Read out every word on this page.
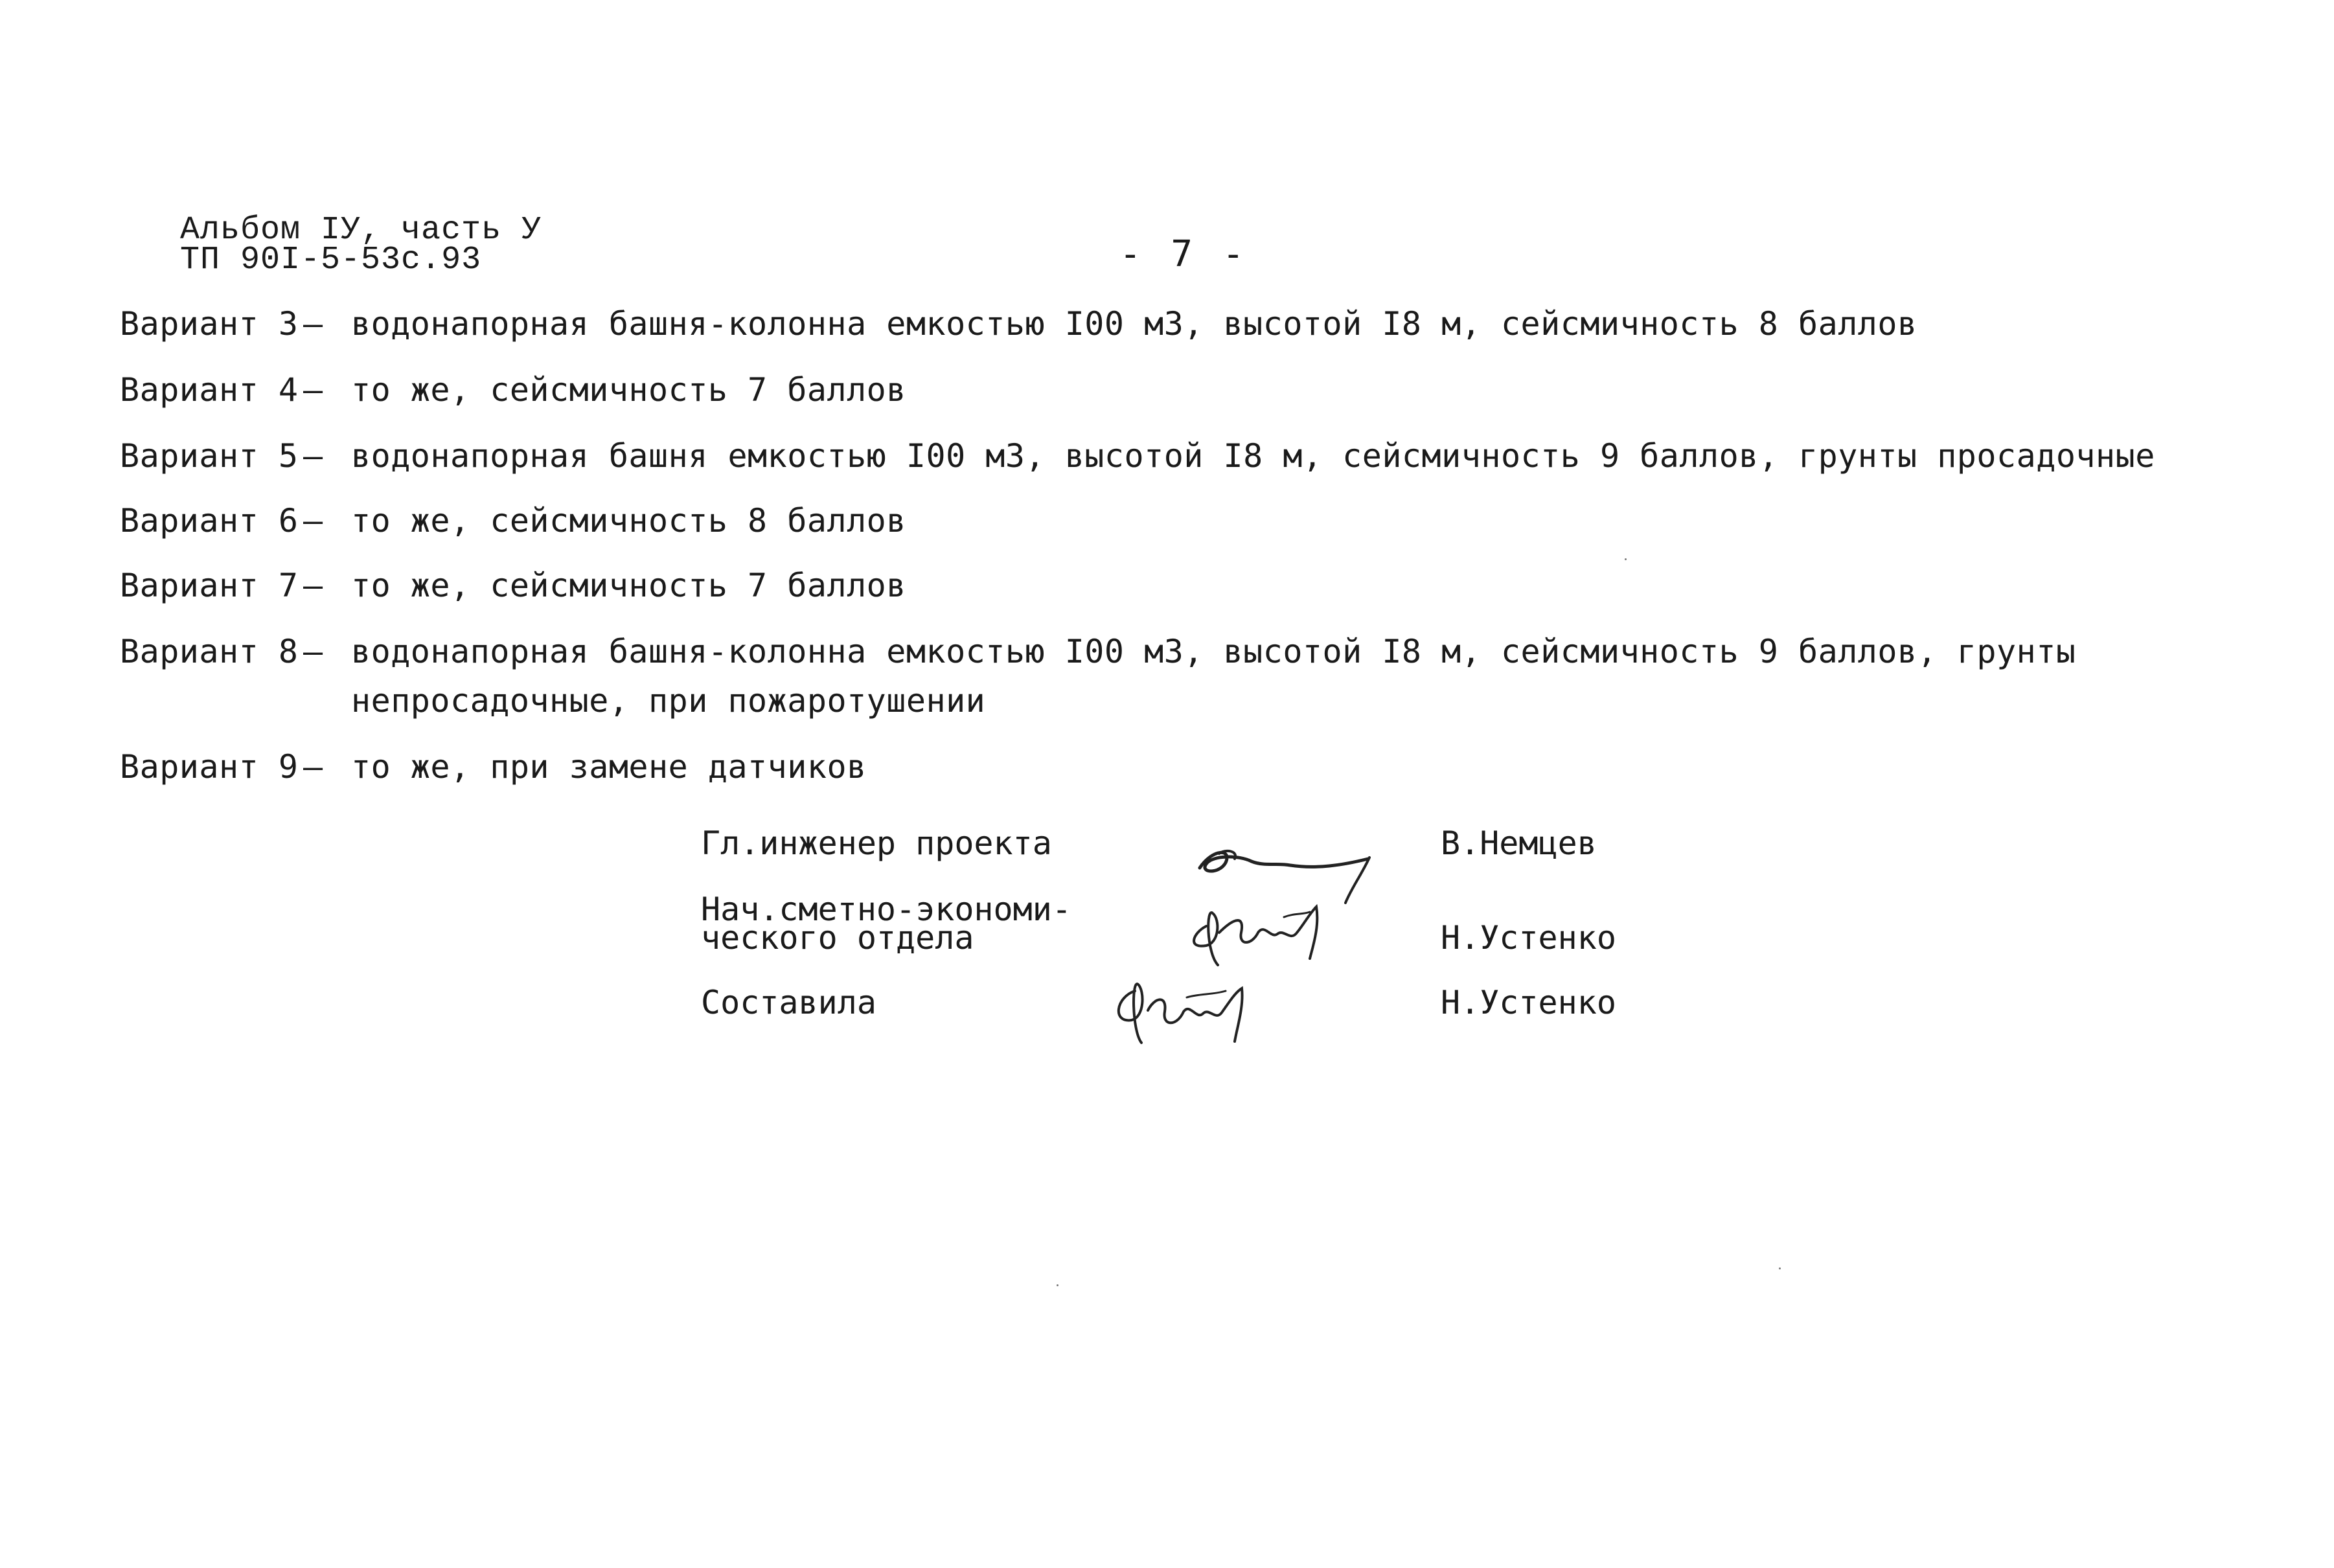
Альбом IУ, часть У
ТП 90I-5-53с.93	- 7 -
Вариант 3 – водонапорная башня-колонна емкостью I00 м3, высотой I8 м, сейсмичность 8 баллов
Вариант 4 – то же, сейсмичность 7 баллов
Вариант 5 – водонапорная башня емкостью I00 м3, высотой I8 м, сейсмичность 9 баллов, грунты просадочные
Вариант 6 – то же, сейсмичность 8 баллов
Вариант 7 – то же, сейсмичность 7 баллов
Вариант 8 – водонапорная башня-колонна емкостью I00 м3, высотой I8 м, сейсмичность 9 баллов, грунты
непросадочные, при пожаротушении
Вариант 9 – то же, при замене датчиков
Гл.инженер проекта	В.Немцев
Нач.сметно-экономи-
ческого отдела	Н.Устенко
Составила	Н.Устенко
